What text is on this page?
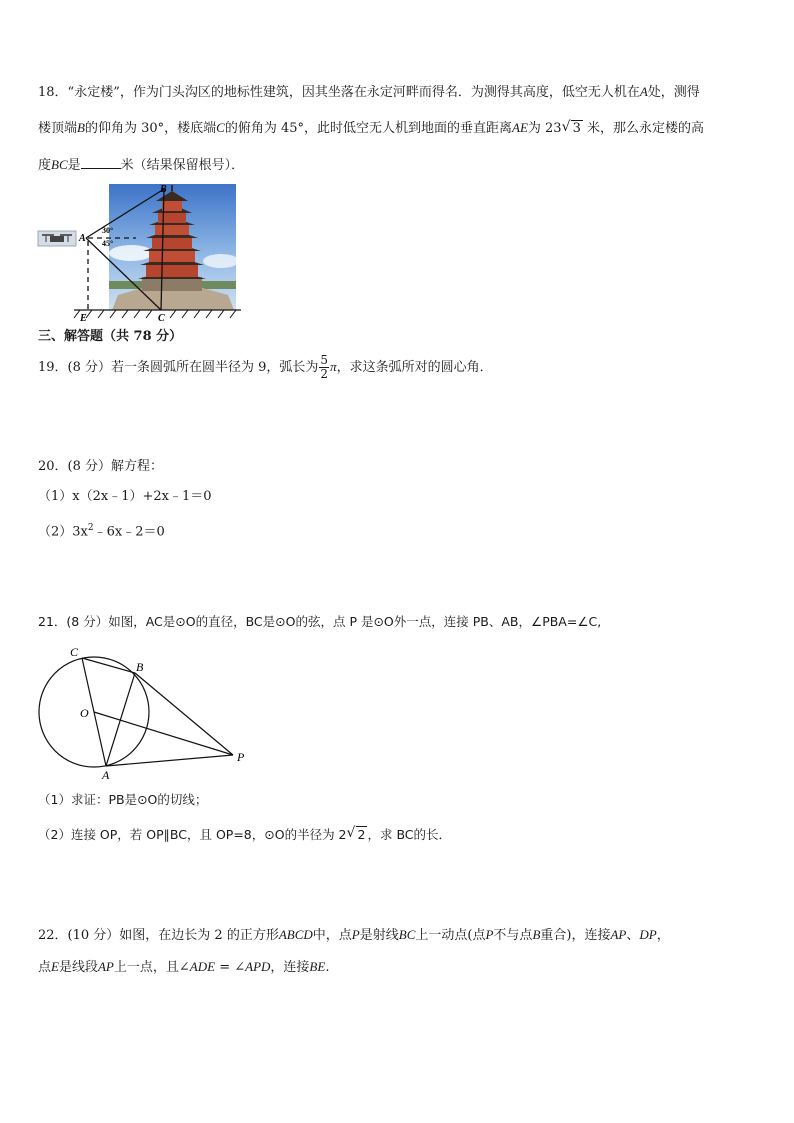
18．“永定楼”，作为门头沟区的地标性建筑，因其坐落在永定河畔而得名．为测得其高度，低空无人机在A处，测得
楼顶端B的仰角为 30°，楼底端C的俯角为 45°，此时低空无人机到地面的垂直距离AE为 23 √ 3 米，那么永定楼的高
度BC是	米（结果保留根号）．
B
A
30°
45°
E	C
三、解答题（共 78 分）
19．(8 分）若一条圆弧所在圆半径为 9，弧长为 $\frac{5}{2}$ π，求这条弧所对的圆心角．
20．(8 分）解方程：
（1）x（2x﹣1）+2x﹣1＝0
$(2)3x^2﹣6x﹣2=0$
21．(8 分）如图，AC是⊙O的直径，BC是⊙O的弦，点 P 是⊙O外一点，连接 PB、AB，∠PBA=∠C,
C
B
O
A
P
（1）求证：PB是⊙O的切线；
（2）连接 OP，若 OP∥BC，且 OP=8，⊙O的半径为 2 √ 2 ，求 BC的长．
22．(10 分）如图，在边长为 2 的正方形ABCD中，点P是射线BC上一动点(点P不与点B重合)，连接AP、DP，
点E是线段AP上一点，且∠ADE = ∠APD，连接BE.
